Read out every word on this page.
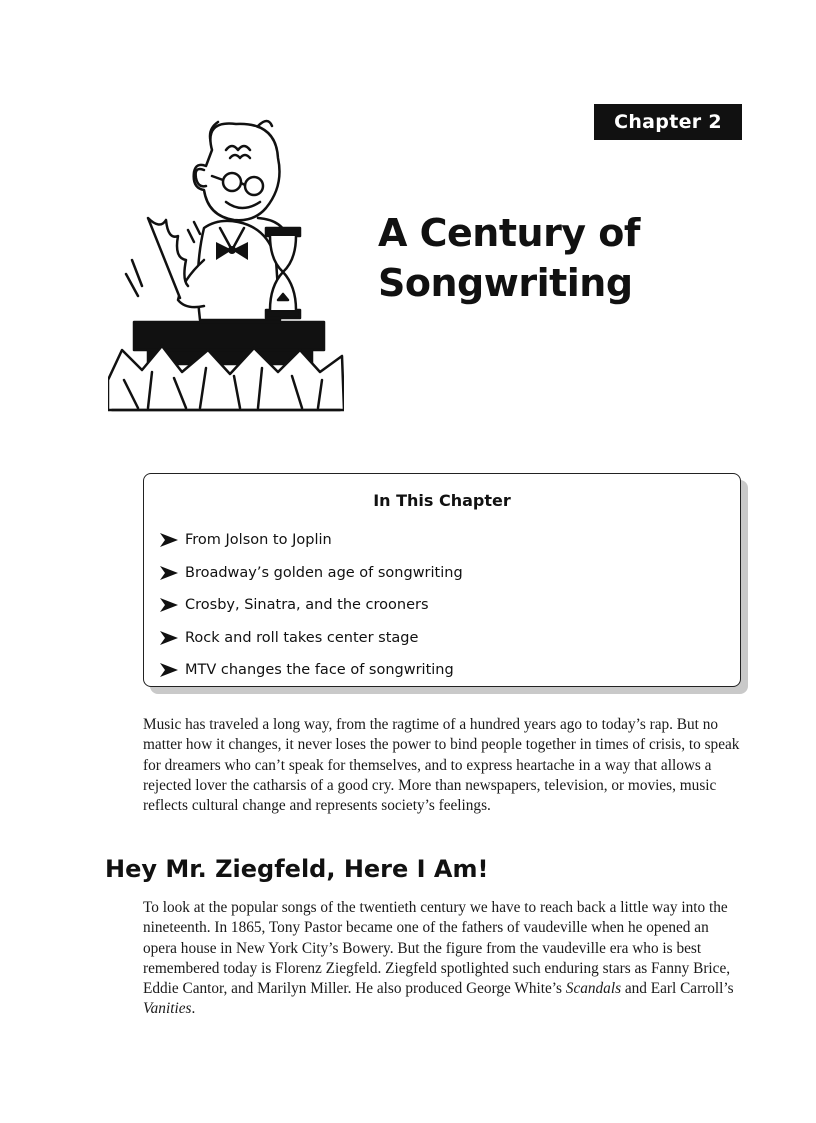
Chapter 2
A Century of
Songwriting
In This Chapter
From Jolson to Joplin
Broadway’s golden age of songwriting
Crosby, Sinatra, and the crooners
Rock and roll takes center stage
MTV changes the face of songwriting

Music has traveled a long way, from the ragtime of a hundred years ago to today’s rap. But no matter how it changes, it never loses the power to bind people together in times of crisis, to speak for dreamers who can’t speak for themselves, and to express heartache in a way that allows a rejected lover the catharsis of a good cry. More than newspapers, television, or movies, music reflects cultural change and represents society’s feelings.

Hey Mr. Ziegfeld, Here I Am!

To look at the popular songs of the twentieth century we have to reach back a little way into the nineteenth. In 1865, Tony Pastor became one of the fathers of vaudeville when he opened an opera house in New York City’s Bowery. But the figure from the vaudeville era who is best remembered today is Florenz Ziegfeld. Ziegfeld spotlighted such enduring stars as Fanny Brice, Eddie Cantor, and Marilyn Miller. He also produced George White’s Scandals and Earl Carroll’s Vanities.
